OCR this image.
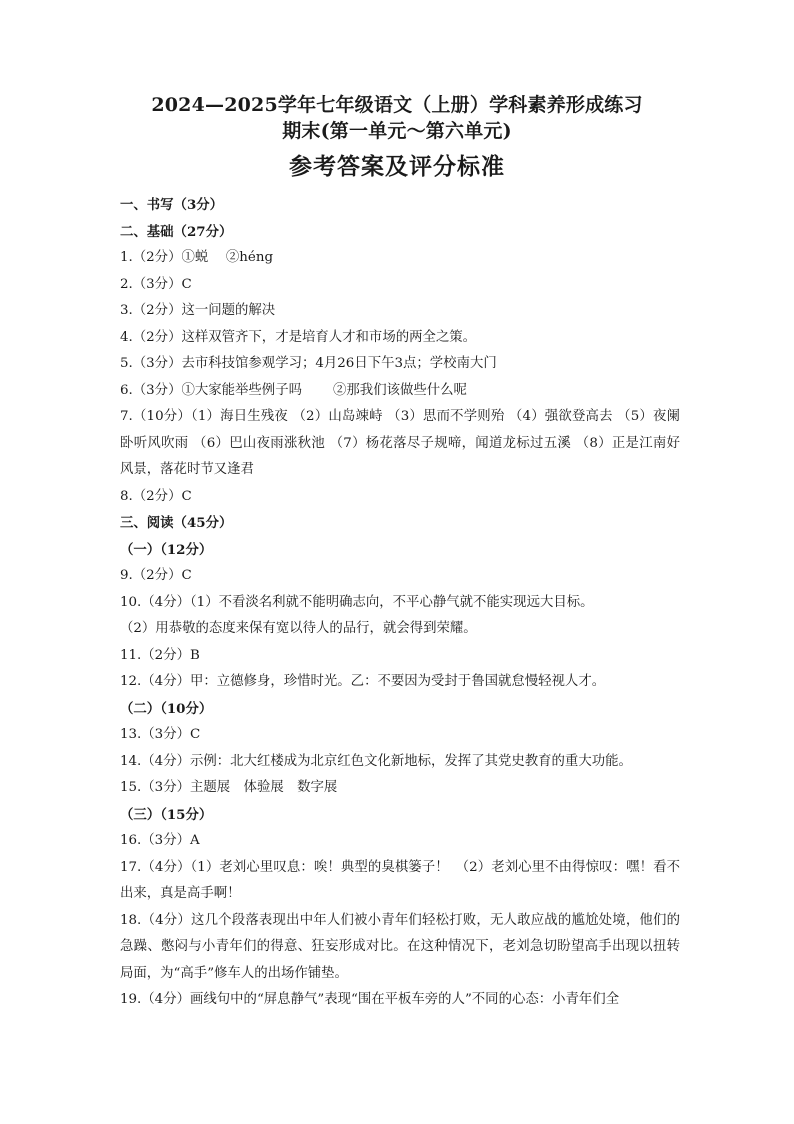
2024—2025学年七年级语文（上册）学科素养形成练习
期末(第一单元～第六单元)
参考答案及评分标准
一、书写（3分）
二、基础（27分）
1.（2分）①蜕　 ②héng
2.（3分）C
3.（2分）这一问题的解决
4.（2分）这样双管齐下，才是培育人才和市场的两全之策。
5.（3分）去市科技馆参观学习；4月26日下午3点；学校南大门
6.（3分）①大家能举些例子吗　　 ②那我们该做些什么呢
7.（10分）（1）海日生残夜 （2）山岛竦峙 （3）思而不学则殆 （4）强欲登高去 （5）夜阑卧听风吹雨 （6）巴山夜雨涨秋池 （7）杨花落尽子规啼，闻道龙标过五溪 （8）正是江南好风景，落花时节又逢君
8.（2分）C
三、阅读（45分）
（一）（12分）
9.（2分）C
10.（4分）（1）不看淡名利就不能明确志向，不平心静气就不能实现远大目标。
（2）用恭敬的态度来保有宽以待人的品行，就会得到荣耀。
11.（2分）B
12.（4分）甲：立德修身，珍惜时光。乙：不要因为受封于鲁国就怠慢轻视人才。
（二）（10分）
13.（3分）C
14.（4分）示例：北大红楼成为北京红色文化新地标，发挥了其党史教育的重大功能。
15.（3分）主题展　体验展　数字展
（三）（15分）
16.（3分）A
17.（4分）（1）老刘心里叹息：唉！典型的臭棋篓子！　（2）老刘心里不由得惊叹：嘿！看不出来，真是高手啊！
18.（4分）这几个段落表现出中年人们被小青年们轻松打败，无人敢应战的尴尬处境，他们的急躁、憋闷与小青年们的得意、狂妄形成对比。在这种情况下，老刘急切盼望高手出现以扭转局面，为“高手”修车人的出场作铺垫。
19.（4分）画线句中的“屏息静气”表现“围在平板车旁的人”不同的心态：小青年们全
